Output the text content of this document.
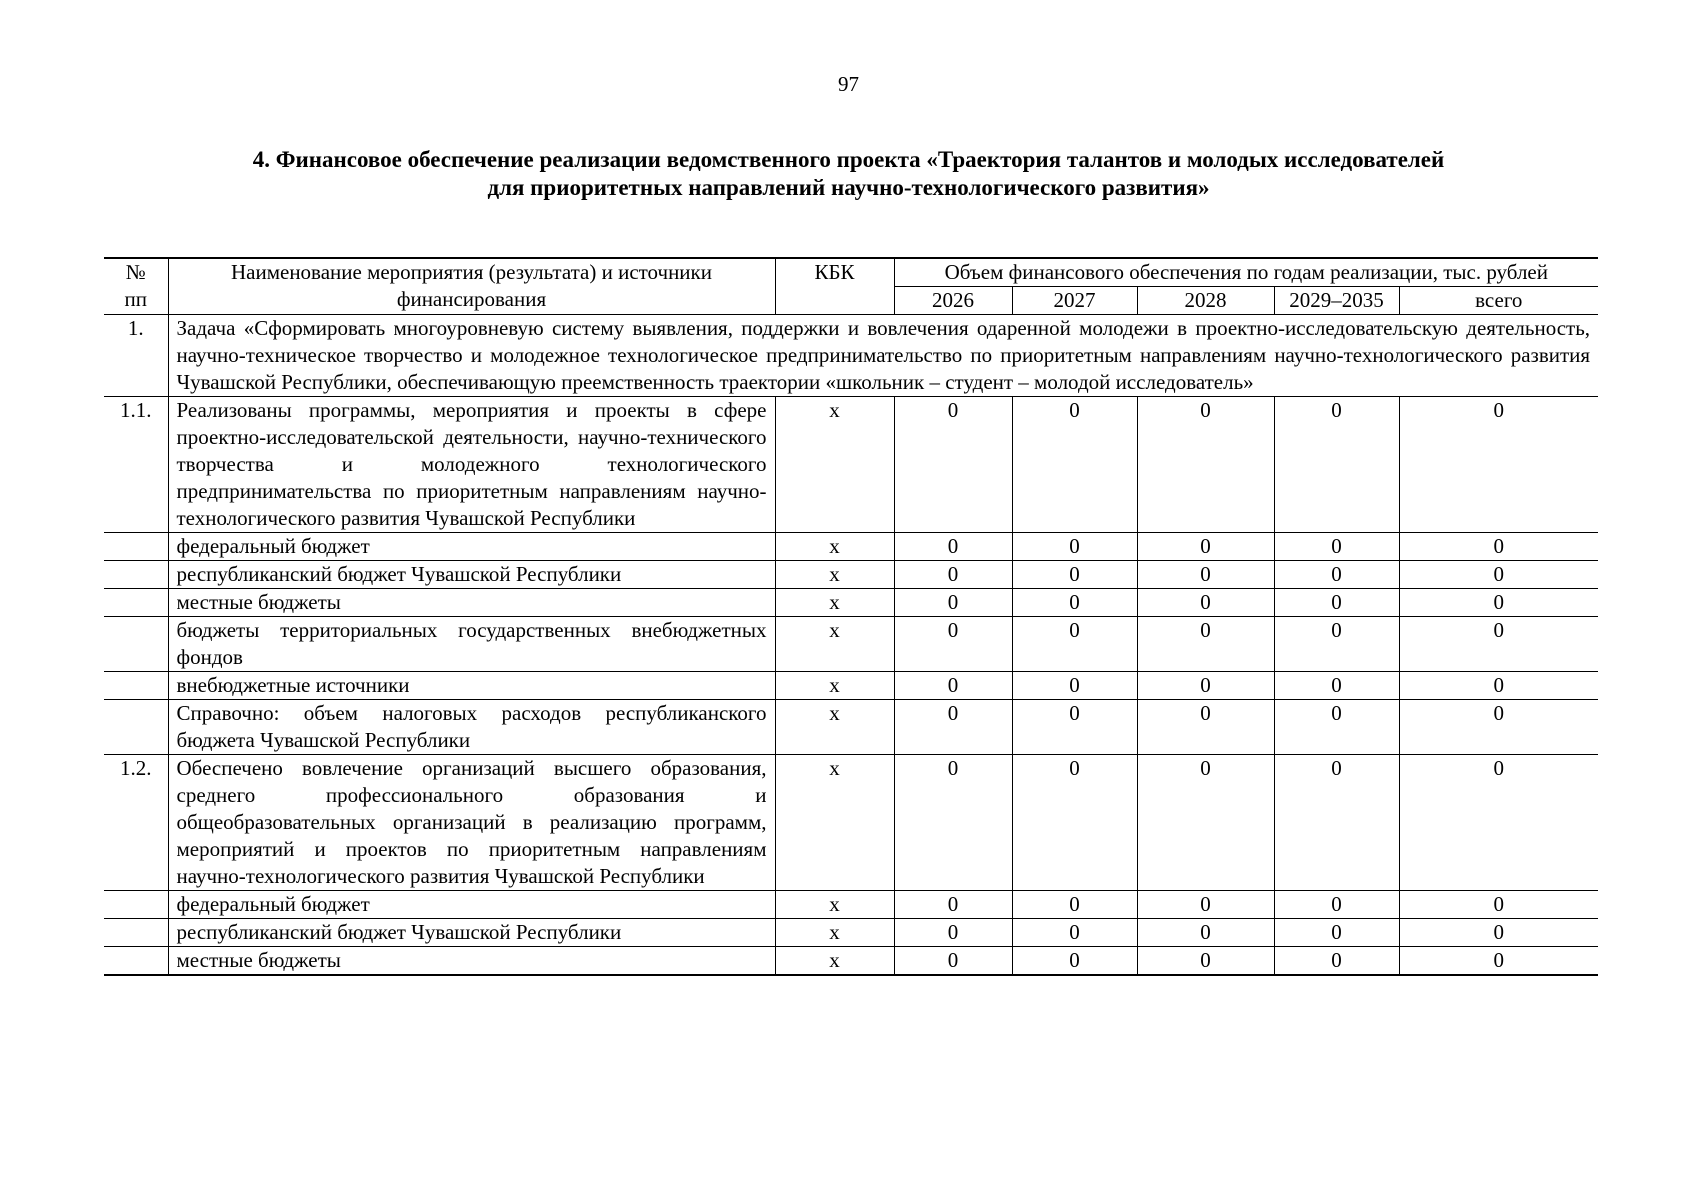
97
4. Финансовое обеспечение реализации ведомственного проекта «Траектория талантов и молодых исследователей
для приоритетных направлений научно-технологического развития»
№ пп	Наименование мероприятия (результата) и источники финансирования	КБК	Объем финансового обеспечения по годам реализации, тыс. рублей				
			2026	2027	2028	2029–2035	всего
1.	Задача «Сформировать многоуровневую систему выявления, поддержки и вовлечения одаренной молодежи в проектно-исследовательскую деятельность, научно-техническое творчество и молодежное технологическое предпринимательство по приоритетным направлениям научно-технологического развития Чувашской Республики, обеспечивающую преемственность траектории «школьник – студент – молодой исследователь»						
1.1.	Реализованы программы, мероприятия и проекты в сфере проектно-исследовательской деятельности, научно-технического творчества и молодежного технологического предпринимательства по приоритетным направлениям научно-технологического развития Чувашской Республики	х	0	0	0	0	0
	федеральный бюджет	х	0	0	0	0	0
	республиканский бюджет Чувашской Республики	х	0	0	0	0	0
	местные бюджеты	х	0	0	0	0	0
	бюджеты территориальных государственных внебюджетных фондов	х	0	0	0	0	0
	внебюджетные источники	х	0	0	0	0	0
	Справочно: объем налоговых расходов республиканского бюджета Чувашской Республики	х	0	0	0	0	0
1.2.	Обеспечено вовлечение организаций высшего образования, среднего профессионального образования и общеобразовательных организаций в реализацию программ, мероприятий и проектов по приоритетным направлениям научно-технологического развития Чувашской Республики	х	0	0	0	0	0
	федеральный бюджет	х	0	0	0	0	0
	республиканский бюджет Чувашской Республики	х	0	0	0	0	0
	местные бюджеты	х	0	0	0	0	0
